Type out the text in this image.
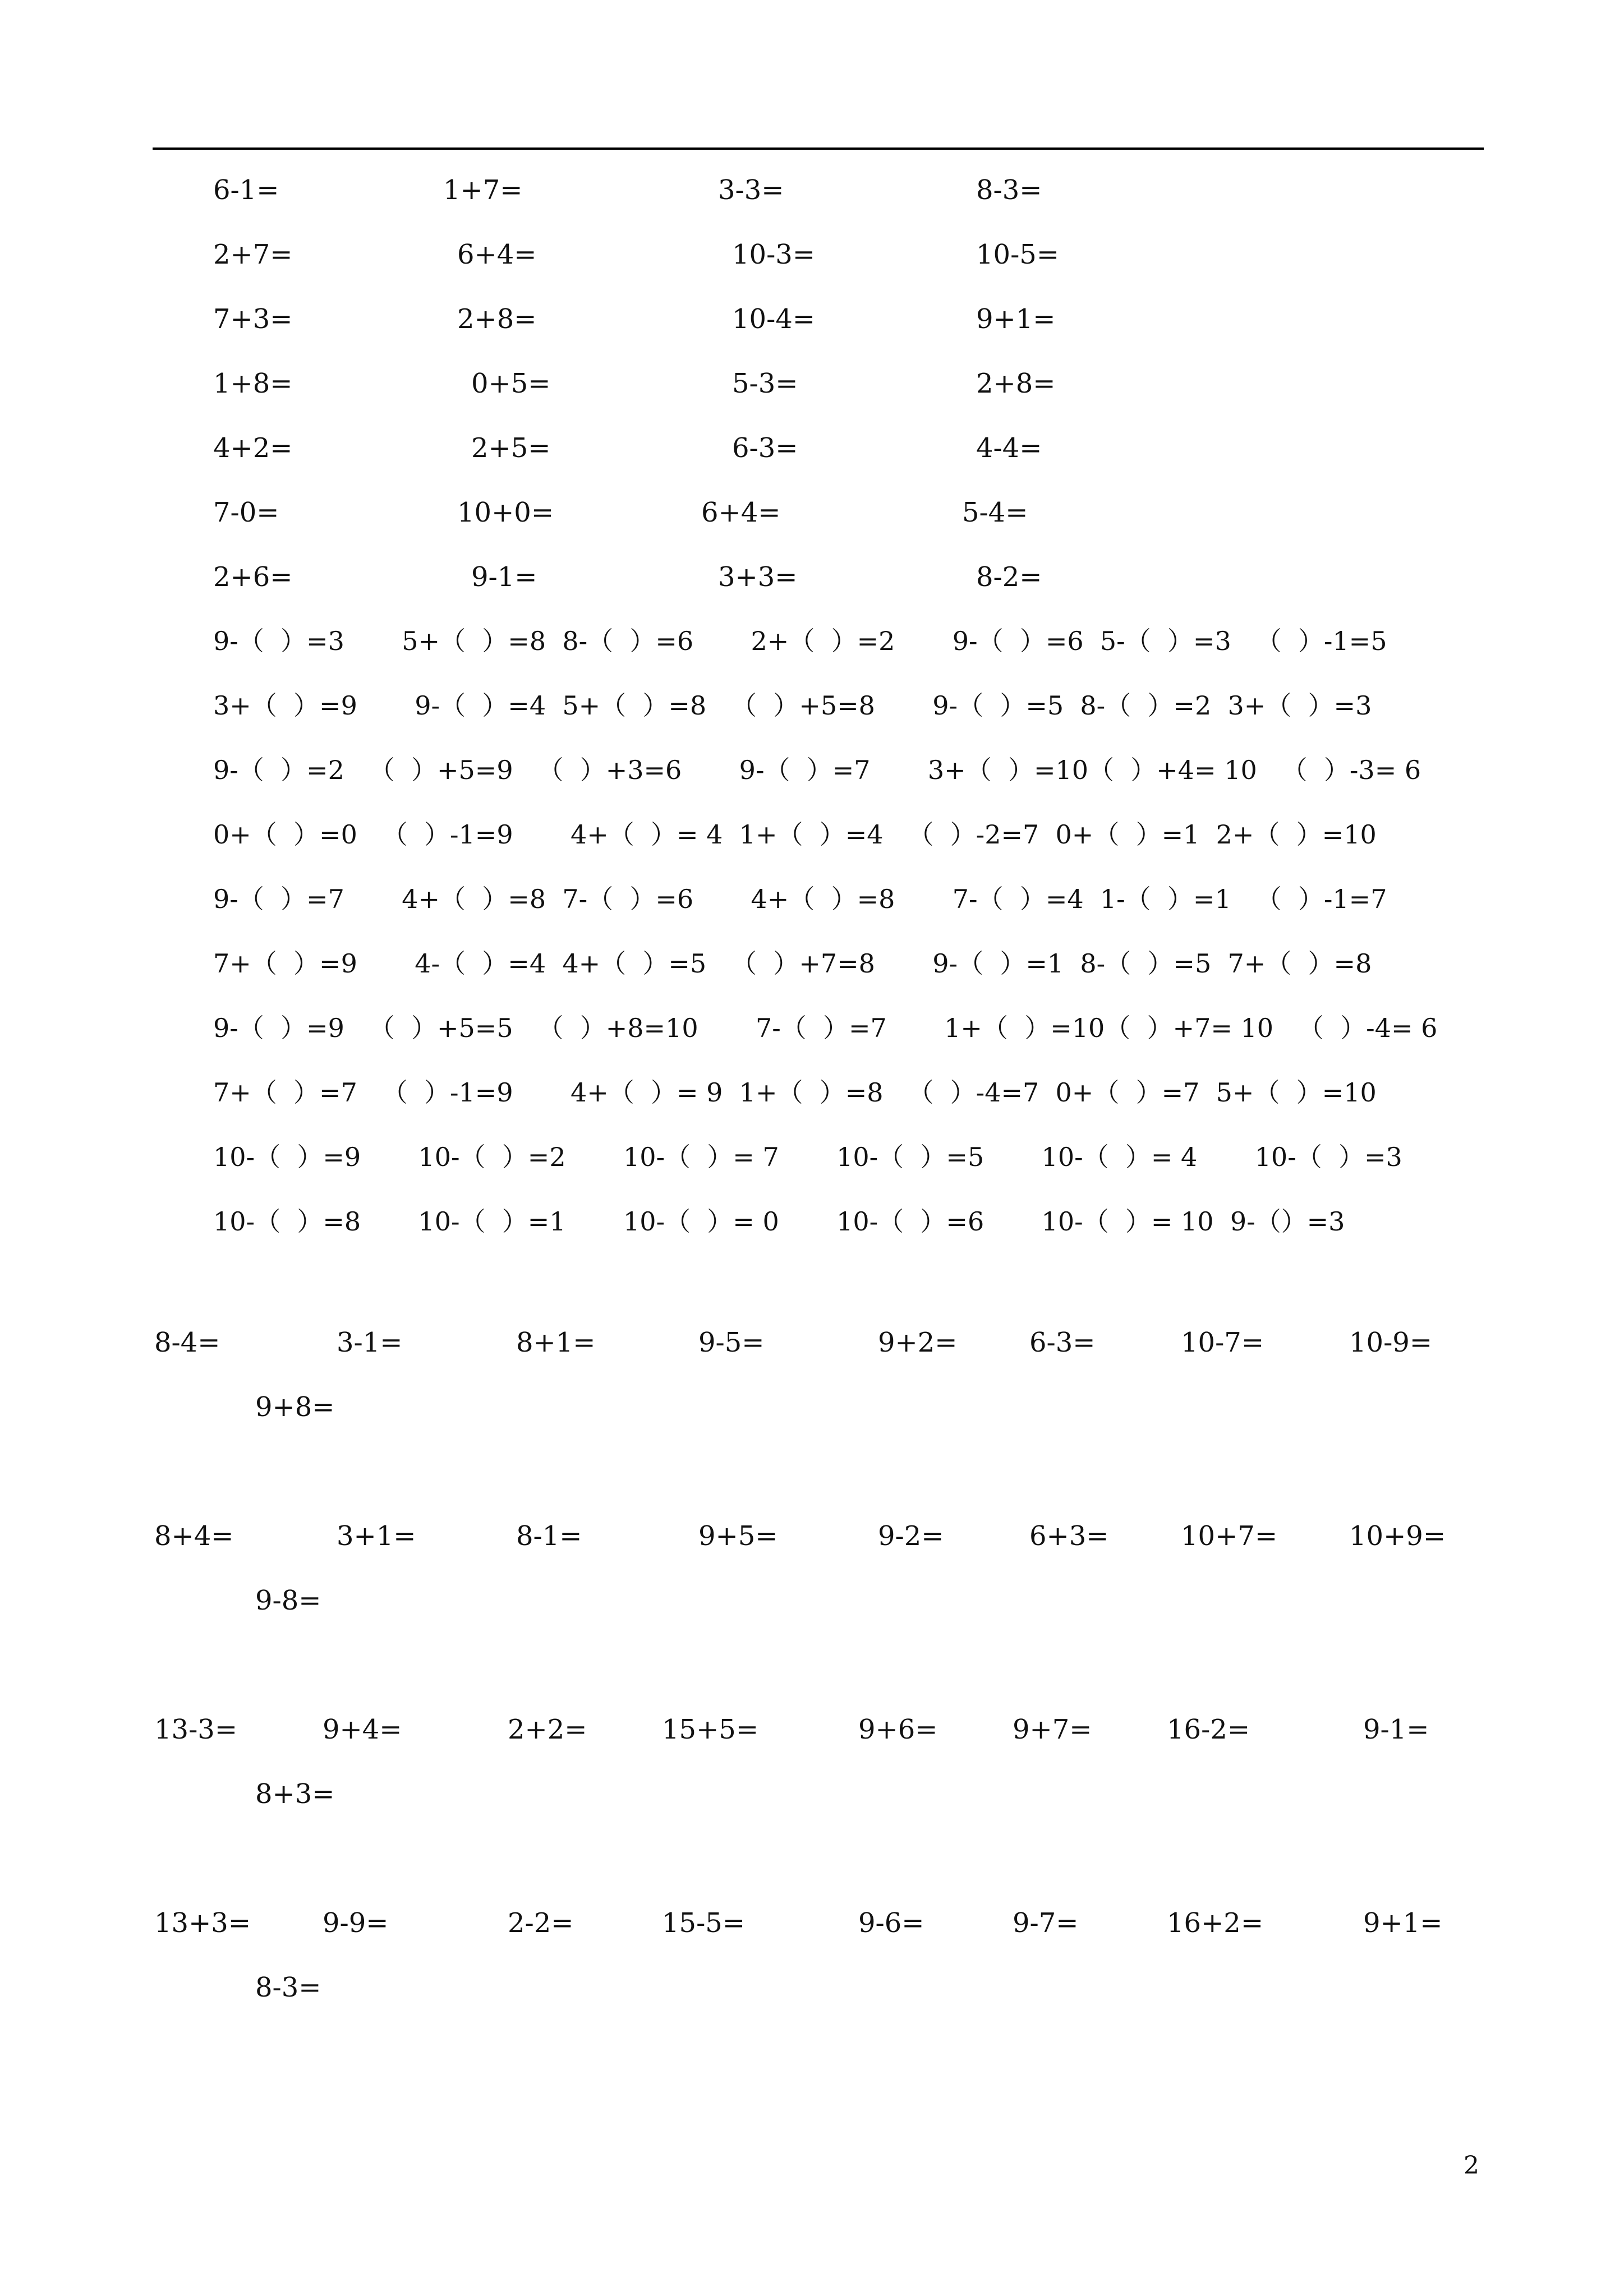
6-1=	1+7=	3-3=	8-3=
2+7=	6+4=	10-3=	10-5=
7+3=	2+8=	10-4=	9+1=
1+8=	0+5=	5-3=	2+8=
4+2=	2+5=	6-3=	4-4=
7-0=	10+0=	6+4=	5-4=
2+6=	9-1=	3+3=	8-2=
9-（  ）=3       5+（  ）=8  8-（  ）=6       2+（  ）=2       9-（  ）=6  5-（  ）=3   （  ）-1=5
3+（  ）=9       9-（  ）=4  5+（  ）=8   （  ）+5=8       9-（  ）=5  8-（  ）=2  3+（  ）=3
9-（  ）=2   （  ）+5=9   （  ）+3=6       9-（  ）=7       3+（  ）=10（  ）+4= 10   （  ）-3= 6
0+（  ）=0   （  ）-1=9       4+（  ）= 4  1+（  ）=4   （  ）-2=7  0+（  ）=1  2+（  ）=10
9-（  ）=7       4+（  ）=8  7-（  ）=6       4+（  ）=8       7-（  ）=4  1-（  ）=1   （  ）-1=7
7+（  ）=9       4-（  ）=4  4+（  ）=5   （  ）+7=8       9-（  ）=1  8-（  ）=5  7+（  ）=8
9-（  ）=9   （  ）+5=5   （  ）+8=10       7-（  ）=7       1+（  ）=10（  ）+7= 10   （  ）-4= 6
7+（  ）=7   （  ）-1=9       4+（  ）= 9  1+（  ）=8   （  ）-4=7  0+（  ）=7  5+（  ）=10
10-（  ）=9       10-（  ）=2       10-（  ）= 7       10-（  ）=5       10-（  ）= 4       10-（  ）=3
10-（  ）=8       10-（  ）=1       10-（  ）= 0       10-（  ）=6       10-（  ）= 10  9-（）=3
8-4=	3-1=	8+1=	9-5=	9+2=	6-3=	10-7=	10-9=
9+8=
8+4=	3+1=	8-1=	9+5=	9-2=	6+3=	10+7=	10+9=
9-8=
13-3=	9+4=	2+2=	15+5=	9+6=	9+7=	16-2=	9-1=
8+3=
13+3=	9-9=	2-2=	15-5=	9-6=	9-7=	16+2=	9+1=
8-3=
2
